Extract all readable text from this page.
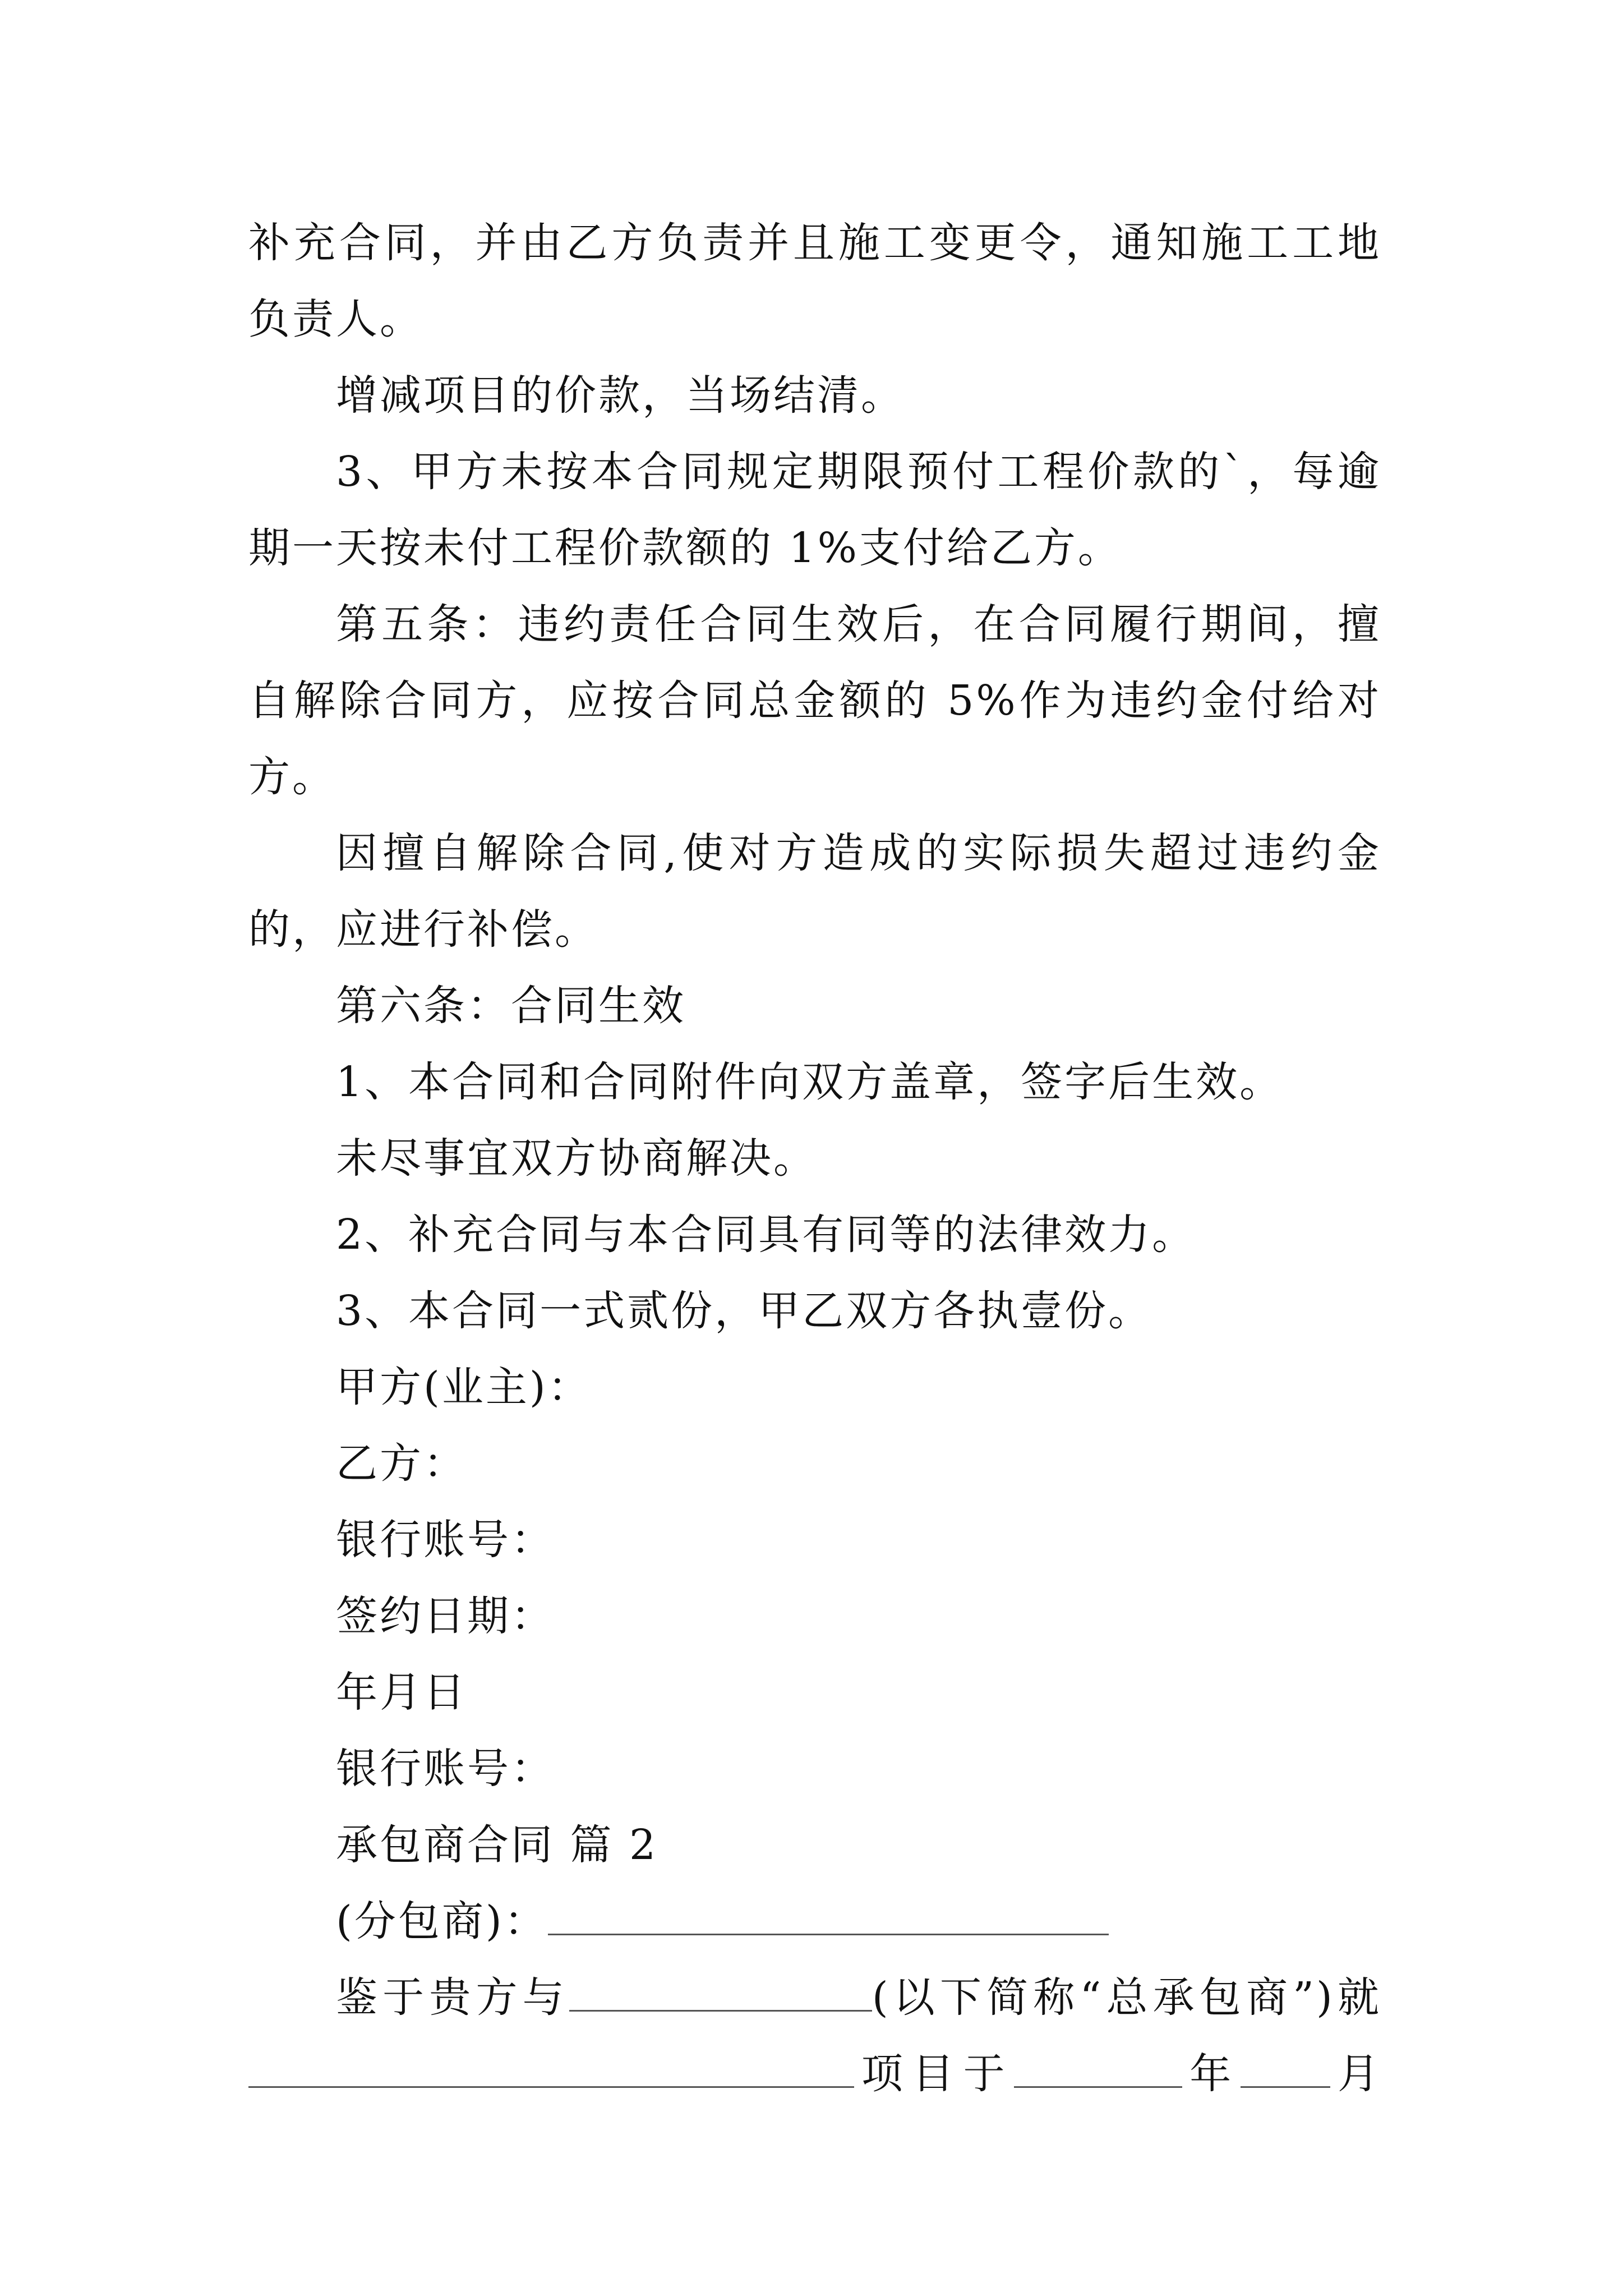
补充合同，并由乙方负责并且施工变更令，通知施工工地负责人。

增减项目的价款，当场结清。

3、甲方未按本合同规定期限预付工程价款的`，每逾期一天按未付工程价款额的 1%支付给乙方。

第五条：违约责任合同生效后，在合同履行期间，擅自解除合同方，应按合同总金额的 5%作为违约金付给对方。

因擅自解除合同,使对方造成的实际损失超过违约金的，应进行补偿。

第六条：合同生效

1、本合同和合同附件向双方盖章，签字后生效。

未尽事宜双方协商解决。

2、补充合同与本合同具有同等的法律效力。

3、本合同一式贰份，甲乙双方各执壹份。

甲方(业主)：

乙方：

银行账号：

签约日期：

年月日

银行账号：

承包商合同 篇 2

(分包商)：

鉴于贵方与	(以下简称“总承包商”)就

项目于	年 月
